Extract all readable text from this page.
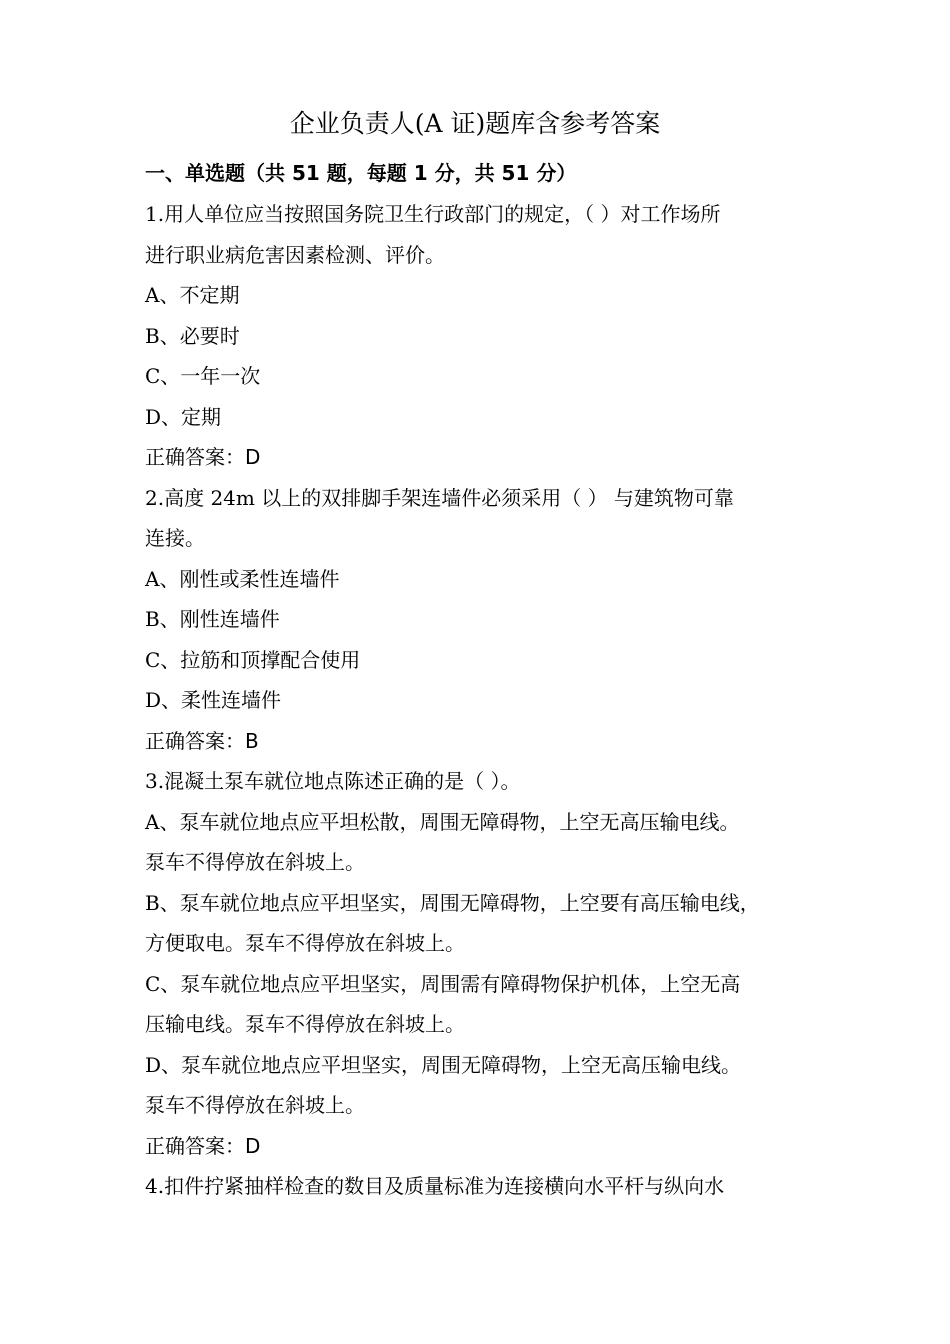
企业负责人(A 证)题库含参考答案
一、单选题（共 51 题，每题 1 分，共 51 分）
1.用人单位应当按照国务院卫生行政部门的规定，（ ）对工作场所
进行职业病危害因素检测、评价。
A、不定期
B、必要时
C、一年一次
D、定期
正确答案：D
2.高度 24m 以上的双排脚手架连墙件必须采用（ ） 与建筑物可靠
连接。
A、刚性或柔性连墙件
B、刚性连墙件
C、拉筋和顶撑配合使用
D、柔性连墙件
正确答案：B
3.混凝土泵车就位地点陈述正确的是（ ）。
A、泵车就位地点应平坦松散，周围无障碍物，上空无高压输电线。
泵车不得停放在斜坡上。
B、泵车就位地点应平坦坚实，周围无障碍物，上空要有高压输电线，
方便取电。泵车不得停放在斜坡上。
C、泵车就位地点应平坦坚实，周围需有障碍物保护机体，上空无高
压输电线。泵车不得停放在斜坡上。
D、泵车就位地点应平坦坚实，周围无障碍物，上空无高压输电线。
泵车不得停放在斜坡上。
正确答案：D
4.扣件拧紧抽样检查的数目及质量标准为连接横向水平杆与纵向水
